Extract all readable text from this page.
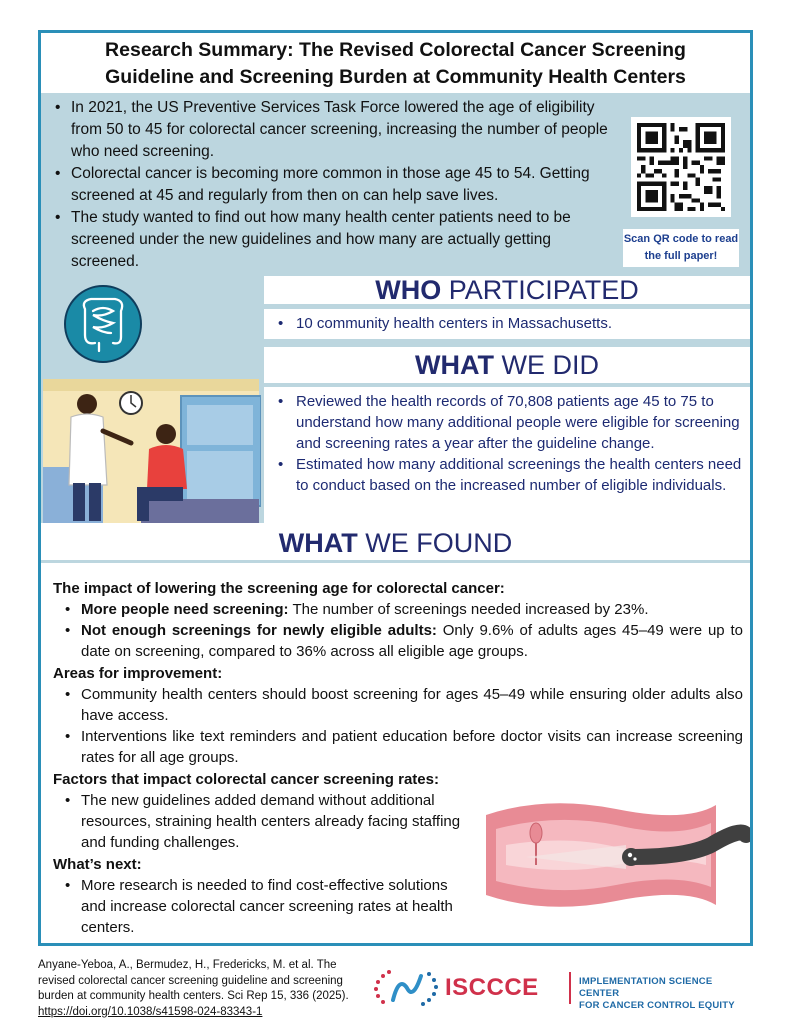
Research Summary: The Revised Colorectal Cancer Screening
Guideline and Screening Burden at Community Health Centers
• In 2021, the US Preventive Services Task Force lowered the age of eligibility from 50 to 45 for colorectal cancer screening, increasing the number of people who need screening.
• Colorectal cancer is becoming more common in those age 45 to 54. Getting screened at 45 and regularly from then on can help save lives.
• The study wanted to find out how many health center patients need to be screened under the new guidelines and how many are actually getting screened.
Scan QR code to read the full paper!
WHO PARTICIPATED
• 10 community health centers in Massachusetts.
WHAT WE DID
• Reviewed the health records of 70,808 patients age 45 to 75 to understand how many additional people were eligible for screening and screening rates a year after the guideline change.
• Estimated how many additional screenings the health centers need to conduct based on the increased number of eligible individuals.
WHAT WE FOUND
The impact of lowering the screening age for colorectal cancer:
• More people need screening: The number of screenings needed increased by 23%.
• Not enough screenings for newly eligible adults: Only 9.6% of adults ages 45–49 were up to date on screening, compared to 36% across all eligible age groups.
Areas for improvement:
• Community health centers should boost screening for ages 45–49 while ensuring older adults also have access.
• Interventions like text reminders and patient education before doctor visits can increase screening rates for all age groups.
Factors that impact colorectal cancer screening rates:
• The new guidelines added demand without additional resources, straining health centers already facing staffing and funding challenges.
What’s next:
• More research is needed to find cost-effective solutions and increase colorectal cancer screening rates at health centers.
Anyane-Yeboa, A., Bermudez, H., Fredericks, M. et al. The revised colorectal cancer screening guideline and screening burden at community health centers. Sci Rep 15, 336 (2025).
https://doi.org/10.1038/s41598-024-83343-1
ISCCCE	IMPLEMENTATION SCIENCE CENTER
FOR CANCER CONTROL EQUITY
